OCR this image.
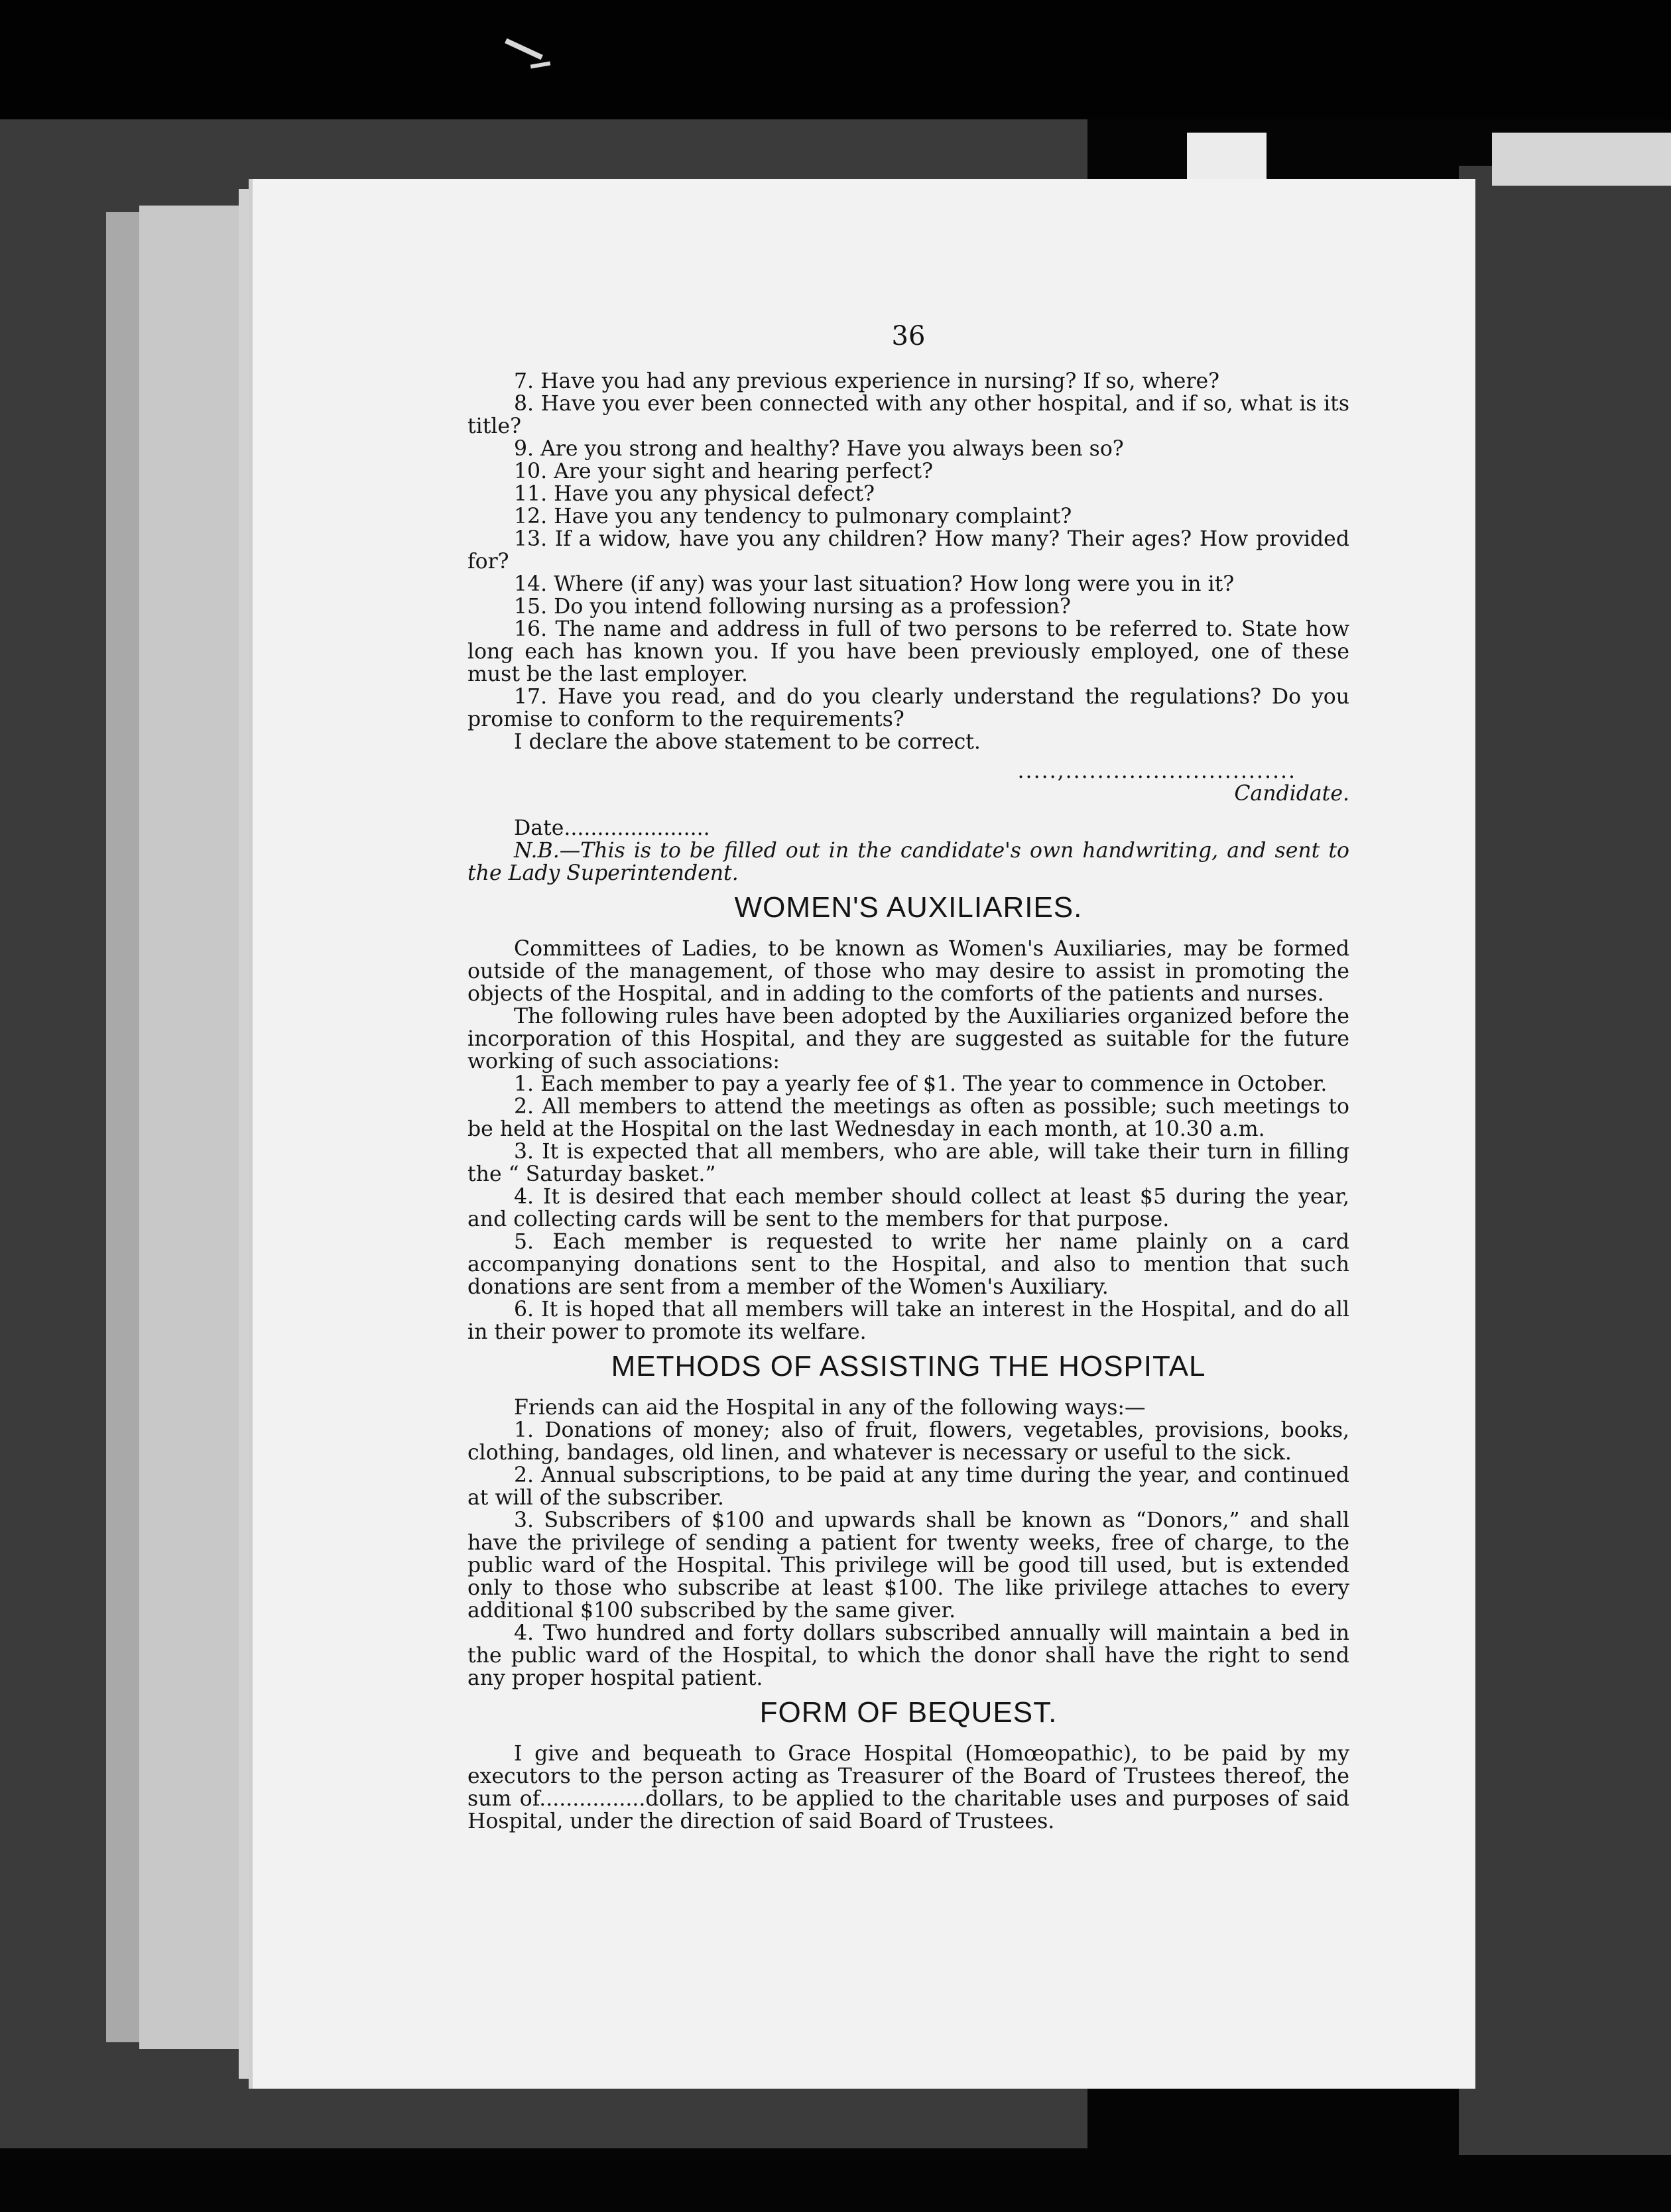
36

7. Have you had any previous experience in nursing? If so, where?

8. Have you ever been connected with any other hospital, and if so, what is its title?

9. Are you strong and healthy? Have you always been so?

10. Are your sight and hearing perfect?

11. Have you any physical defect?

12. Have you any tendency to pulmonary complaint?

13. If a widow, have you any children? How many? Their ages? How provided for?

14. Where (if any) was your last situation? How long were you in it?

15. Do you intend following nursing as a profession?

16. The name and address in full of two persons to be referred to. State how long each has known you. If you have been previously employed, one of these must be the last employer.

17. Have you read, and do you clearly understand the regulations? Do you promise to conform to the requirements?

I declare the above statement to be correct.

.....,.............................

Candidate.

Date......................

N.B.—This is to be filled out in the candidate's own handwriting, and sent to the Lady Superintendent.

WOMEN'S AUXILIARIES.

Committees of Ladies, to be known as Women's Auxiliaries, may be formed outside of the management, of those who may desire to assist in promoting the objects of the Hospital, and in adding to the comforts of the patients and nurses.

The following rules have been adopted by the Auxiliaries organized before the incorporation of this Hospital, and they are suggested as suitable for the future working of such associations:

1. Each member to pay a yearly fee of $1. The year to commence in October.

2. All members to attend the meetings as often as possible; such meetings to be held at the Hospital on the last Wednesday in each month, at 10.30 a.m.

3. It is expected that all members, who are able, will take their turn in filling the “ Saturday basket.”

4. It is desired that each member should collect at least $5 during the year, and collecting cards will be sent to the members for that purpose.

5. Each member is requested to write her name plainly on a card accompanying donations sent to the Hospital, and also to mention that such donations are sent from a member of the Women's Auxiliary.

6. It is hoped that all members will take an interest in the Hospital, and do all in their power to promote its welfare.

METHODS OF ASSISTING THE HOSPITAL

Friends can aid the Hospital in any of the following ways:—

1. Donations of money; also of fruit, flowers, vegetables, provisions, books, clothing, bandages, old linen, and whatever is necessary or useful to the sick.

2. Annual subscriptions, to be paid at any time during the year, and continued at will of the subscriber.

3. Subscribers of $100 and upwards shall be known as “Donors,” and shall have the privilege of sending a patient for twenty weeks, free of charge, to the public ward of the Hospital. This privilege will be good till used, but is extended only to those who subscribe at least $100. The like privilege attaches to every additional $100 subscribed by the same giver.

4. Two hundred and forty dollars subscribed annually will maintain a bed in the public ward of the Hospital, to which the donor shall have the right to send any proper hospital patient.

FORM OF BEQUEST.

I give and bequeath to Grace Hospital (Homœopathic), to be paid by my executors to the person acting as Treasurer of the Board of Trustees thereof, the sum of................dollars, to be applied to the charitable uses and purposes of said Hospital, under the direction of said Board of Trustees.
